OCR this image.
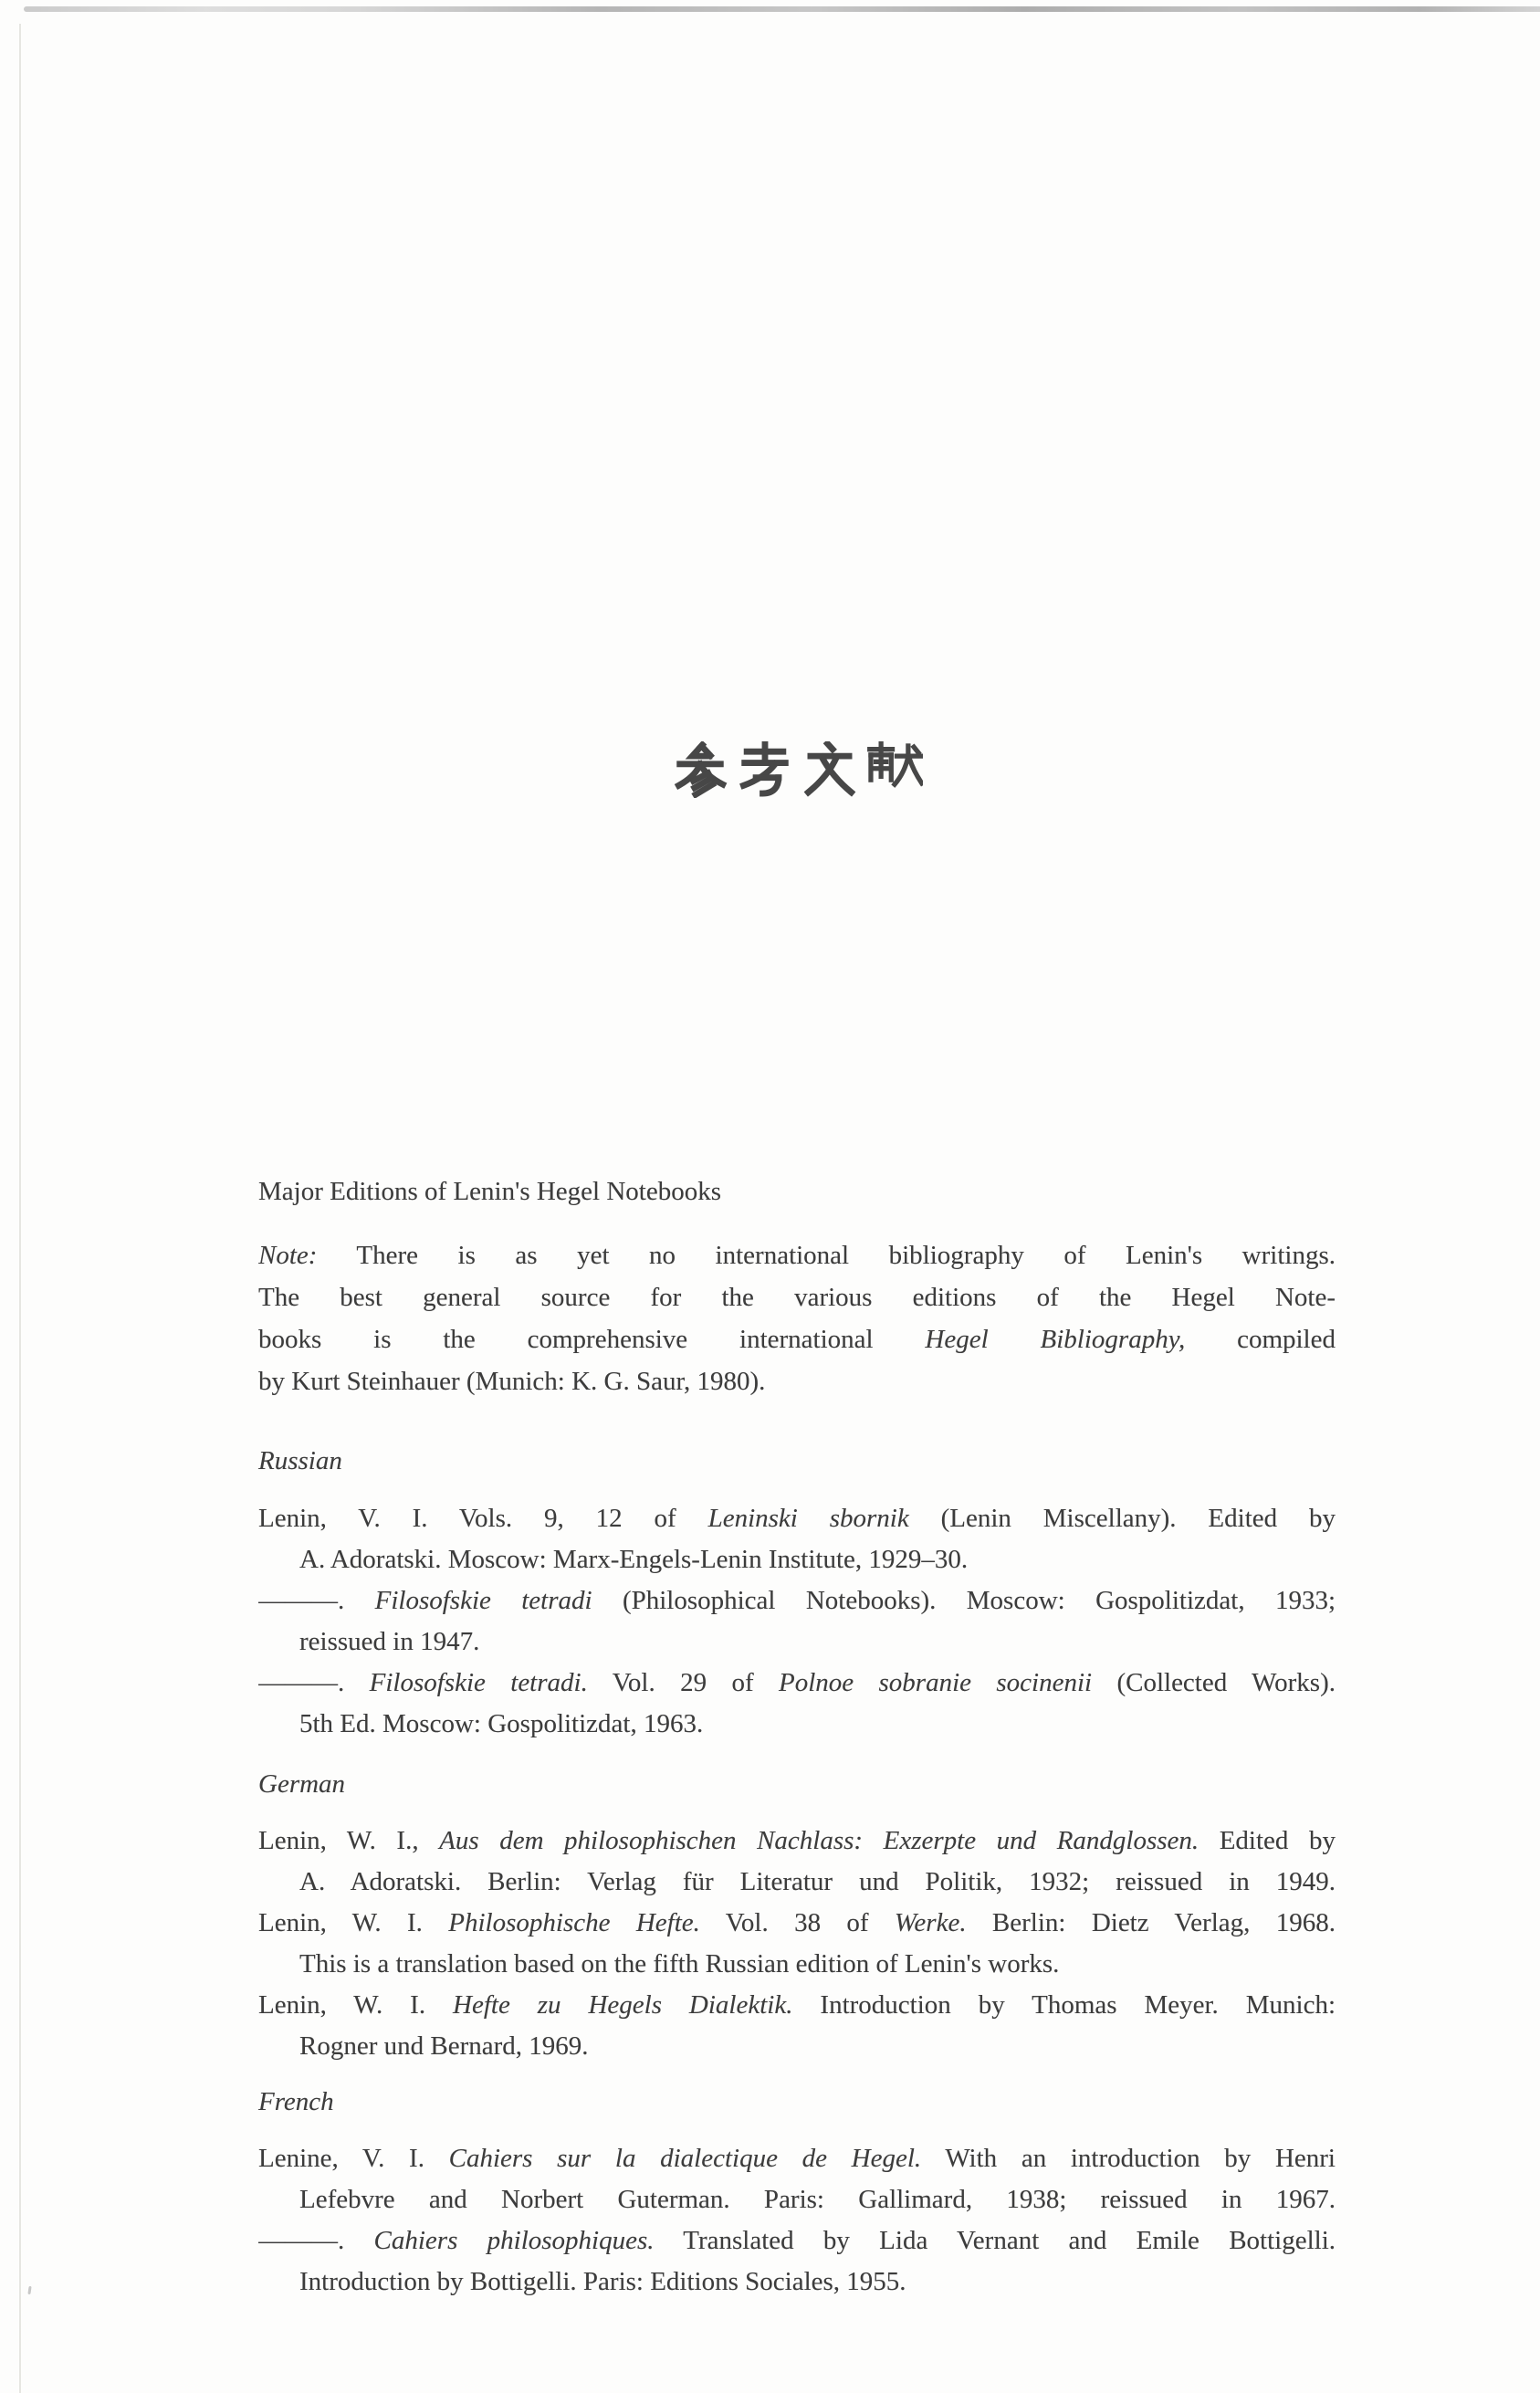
Major Editions of Lenin's Hegel Notebooks
Note: There is as yet no international bibliography of Lenin's writings.
The best general source for the various editions of the Hegel Note-
books is the comprehensive international Hegel Bibliography, compiled
by Kurt Steinhauer (Munich: K. G. Saur, 1980).
Russian
Lenin, V. I. Vols. 9, 12 of Leninski sbornik (Lenin Miscellany). Edited by
A. Adoratski. Moscow: Marx-Engels-Lenin Institute, 1929–30.
———. Filosofskie tetradi (Philosophical Notebooks). Moscow: Gospolitizdat, 1933;
reissued in 1947.
———. Filosofskie tetradi. Vol. 29 of Polnoe sobranie socinenii (Collected Works).
5th Ed. Moscow: Gospolitizdat, 1963.
German
Lenin, W. I., Aus dem philosophischen Nachlass: Exzerpte und Randglossen. Edited by
A. Adoratski. Berlin: Verlag für Literatur und Politik, 1932; reissued in 1949.
Lenin, W. I. Philosophische Hefte. Vol. 38 of Werke. Berlin: Dietz Verlag, 1968.
This is a translation based on the fifth Russian edition of Lenin's works.
Lenin, W. I. Hefte zu Hegels Dialektik. Introduction by Thomas Meyer. Munich:
Rogner und Bernard, 1969.
French
Lenine, V. I. Cahiers sur la dialectique de Hegel. With an introduction by Henri
Lefebvre and Norbert Guterman. Paris: Gallimard, 1938; reissued in 1967.
———. Cahiers philosophiques. Translated by Lida Vernant and Emile Bottigelli.
Introduction by Bottigelli. Paris: Editions Sociales, 1955.
